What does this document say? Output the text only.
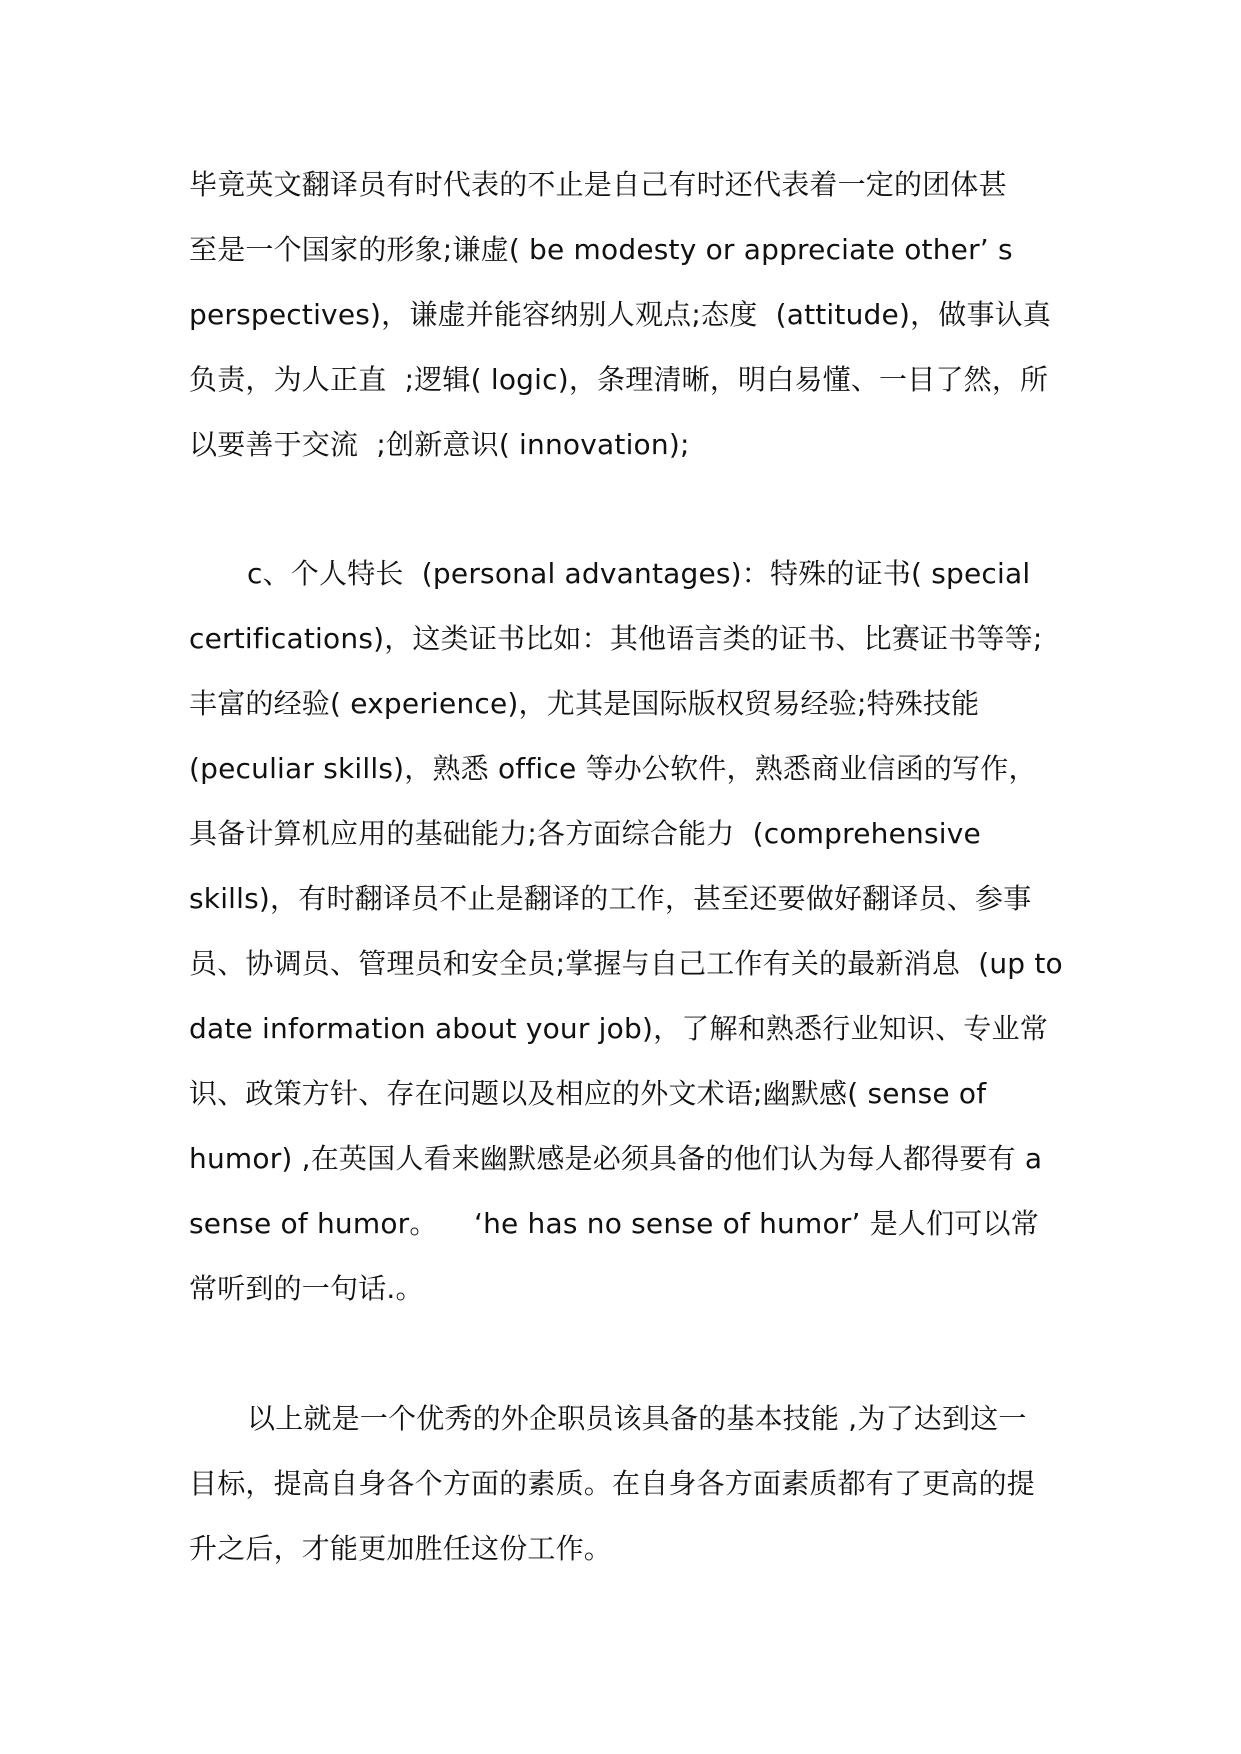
毕竟英文翻译员有时代表的不止是自己有时还代表着一定的团体甚
至是一个国家的形象;谦虚( be modesty or appreciate other’ s
perspectives)，谦虚并能容纳别人观点;态度  (attitude)，做事认真
负责，为人正直  ;逻辑( logic)，条理清晰，明白易懂、一目了然，所
以要善于交流  ;创新意识( innovation);
c、个人特长  (personal advantages)：特殊的证书( special
certifications)，这类证书比如：其他语言类的证书、比赛证书等等;
丰富的经验( experience)，尤其是国际版权贸易经验;特殊技能
(peculiar skills)，熟悉 office 等办公软件，熟悉商业信函的写作，
具备计算机应用的基础能力;各方面综合能力  (comprehensive
skills)，有时翻译员不止是翻译的工作，甚至还要做好翻译员、参事
员、协调员、管理员和安全员;掌握与自己工作有关的最新消息  (up to
date information about your job)，了解和熟悉行业知识、专业常
识、政策方针、存在问题以及相应的外文术语;幽默感( sense of
humor) ,在英国人看来幽默感是必须具备的他们认为每人都得要有 a
sense of humor。    ‘he has no sense of humor’ 是人们可以常
常听到的一句话.。
以上就是一个优秀的外企职员该具备的基本技能 ,为了达到这一
目标，提高自身各个方面的素质。在自身各方面素质都有了更高的提
升之后，才能更加胜任这份工作。
